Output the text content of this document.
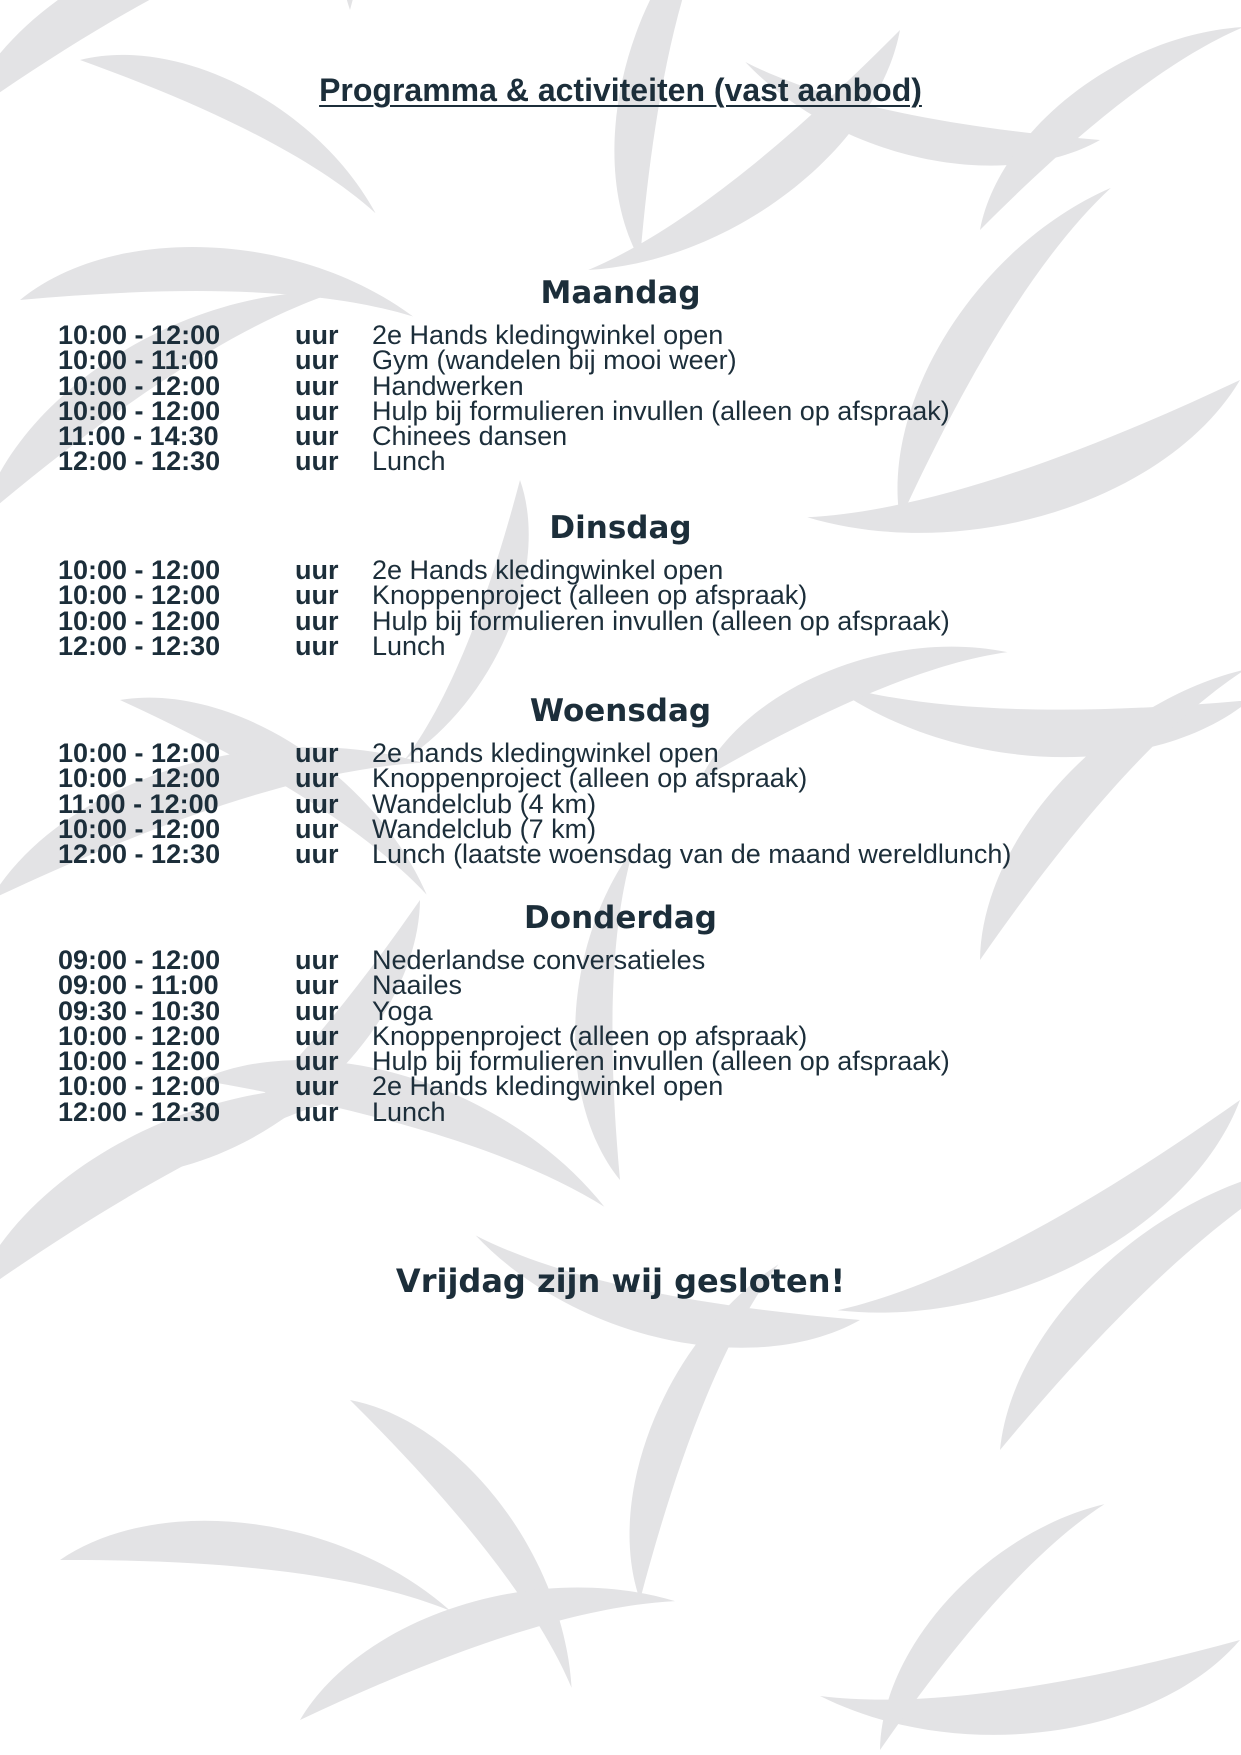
Programma & activiteiten (vast aanbod)
Maandag
10:00 - 12:00	uur 2e Hands kledingwinkel open
10:00 - 11:00	uur Gym (wandelen bij mooi weer)
10:00 - 12:00	uur Handwerken
10:00 - 12:00	uur Hulp bij formulieren invullen (alleen op afspraak)
11:00 - 14:30	uur Chinees dansen
12:00 - 12:30	uur Lunch
Dinsdag
10:00 - 12:00	uur 2e Hands kledingwinkel open
10:00 - 12:00	uur Knoppenproject (alleen op afspraak)
10:00 - 12:00	uur Hulp bij formulieren invullen (alleen op afspraak)
12:00 - 12:30	uur Lunch
Woensdag
10:00 - 12:00	uur 2e hands kledingwinkel open
10:00 - 12:00	uur Knoppenproject (alleen op afspraak)
11:00 - 12:00	uur Wandelclub (4 km)
10:00 - 12:00	uur Wandelclub (7 km)
12:00 - 12:30	uur Lunch (laatste woensdag van de maand wereldlunch)
Donderdag
09:00 - 12:00	uur Nederlandse conversatieles
09:00 - 11:00	uur Naailes
09:30 - 10:30	uur Yoga
10:00 - 12:00	uur Knoppenproject (alleen op afspraak)
10:00 - 12:00	uur Hulp bij formulieren invullen (alleen op afspraak)
10:00 - 12:00	uur 2e Hands kledingwinkel open
12:00 - 12:30	uur Lunch
Vrijdag zijn wij gesloten!
